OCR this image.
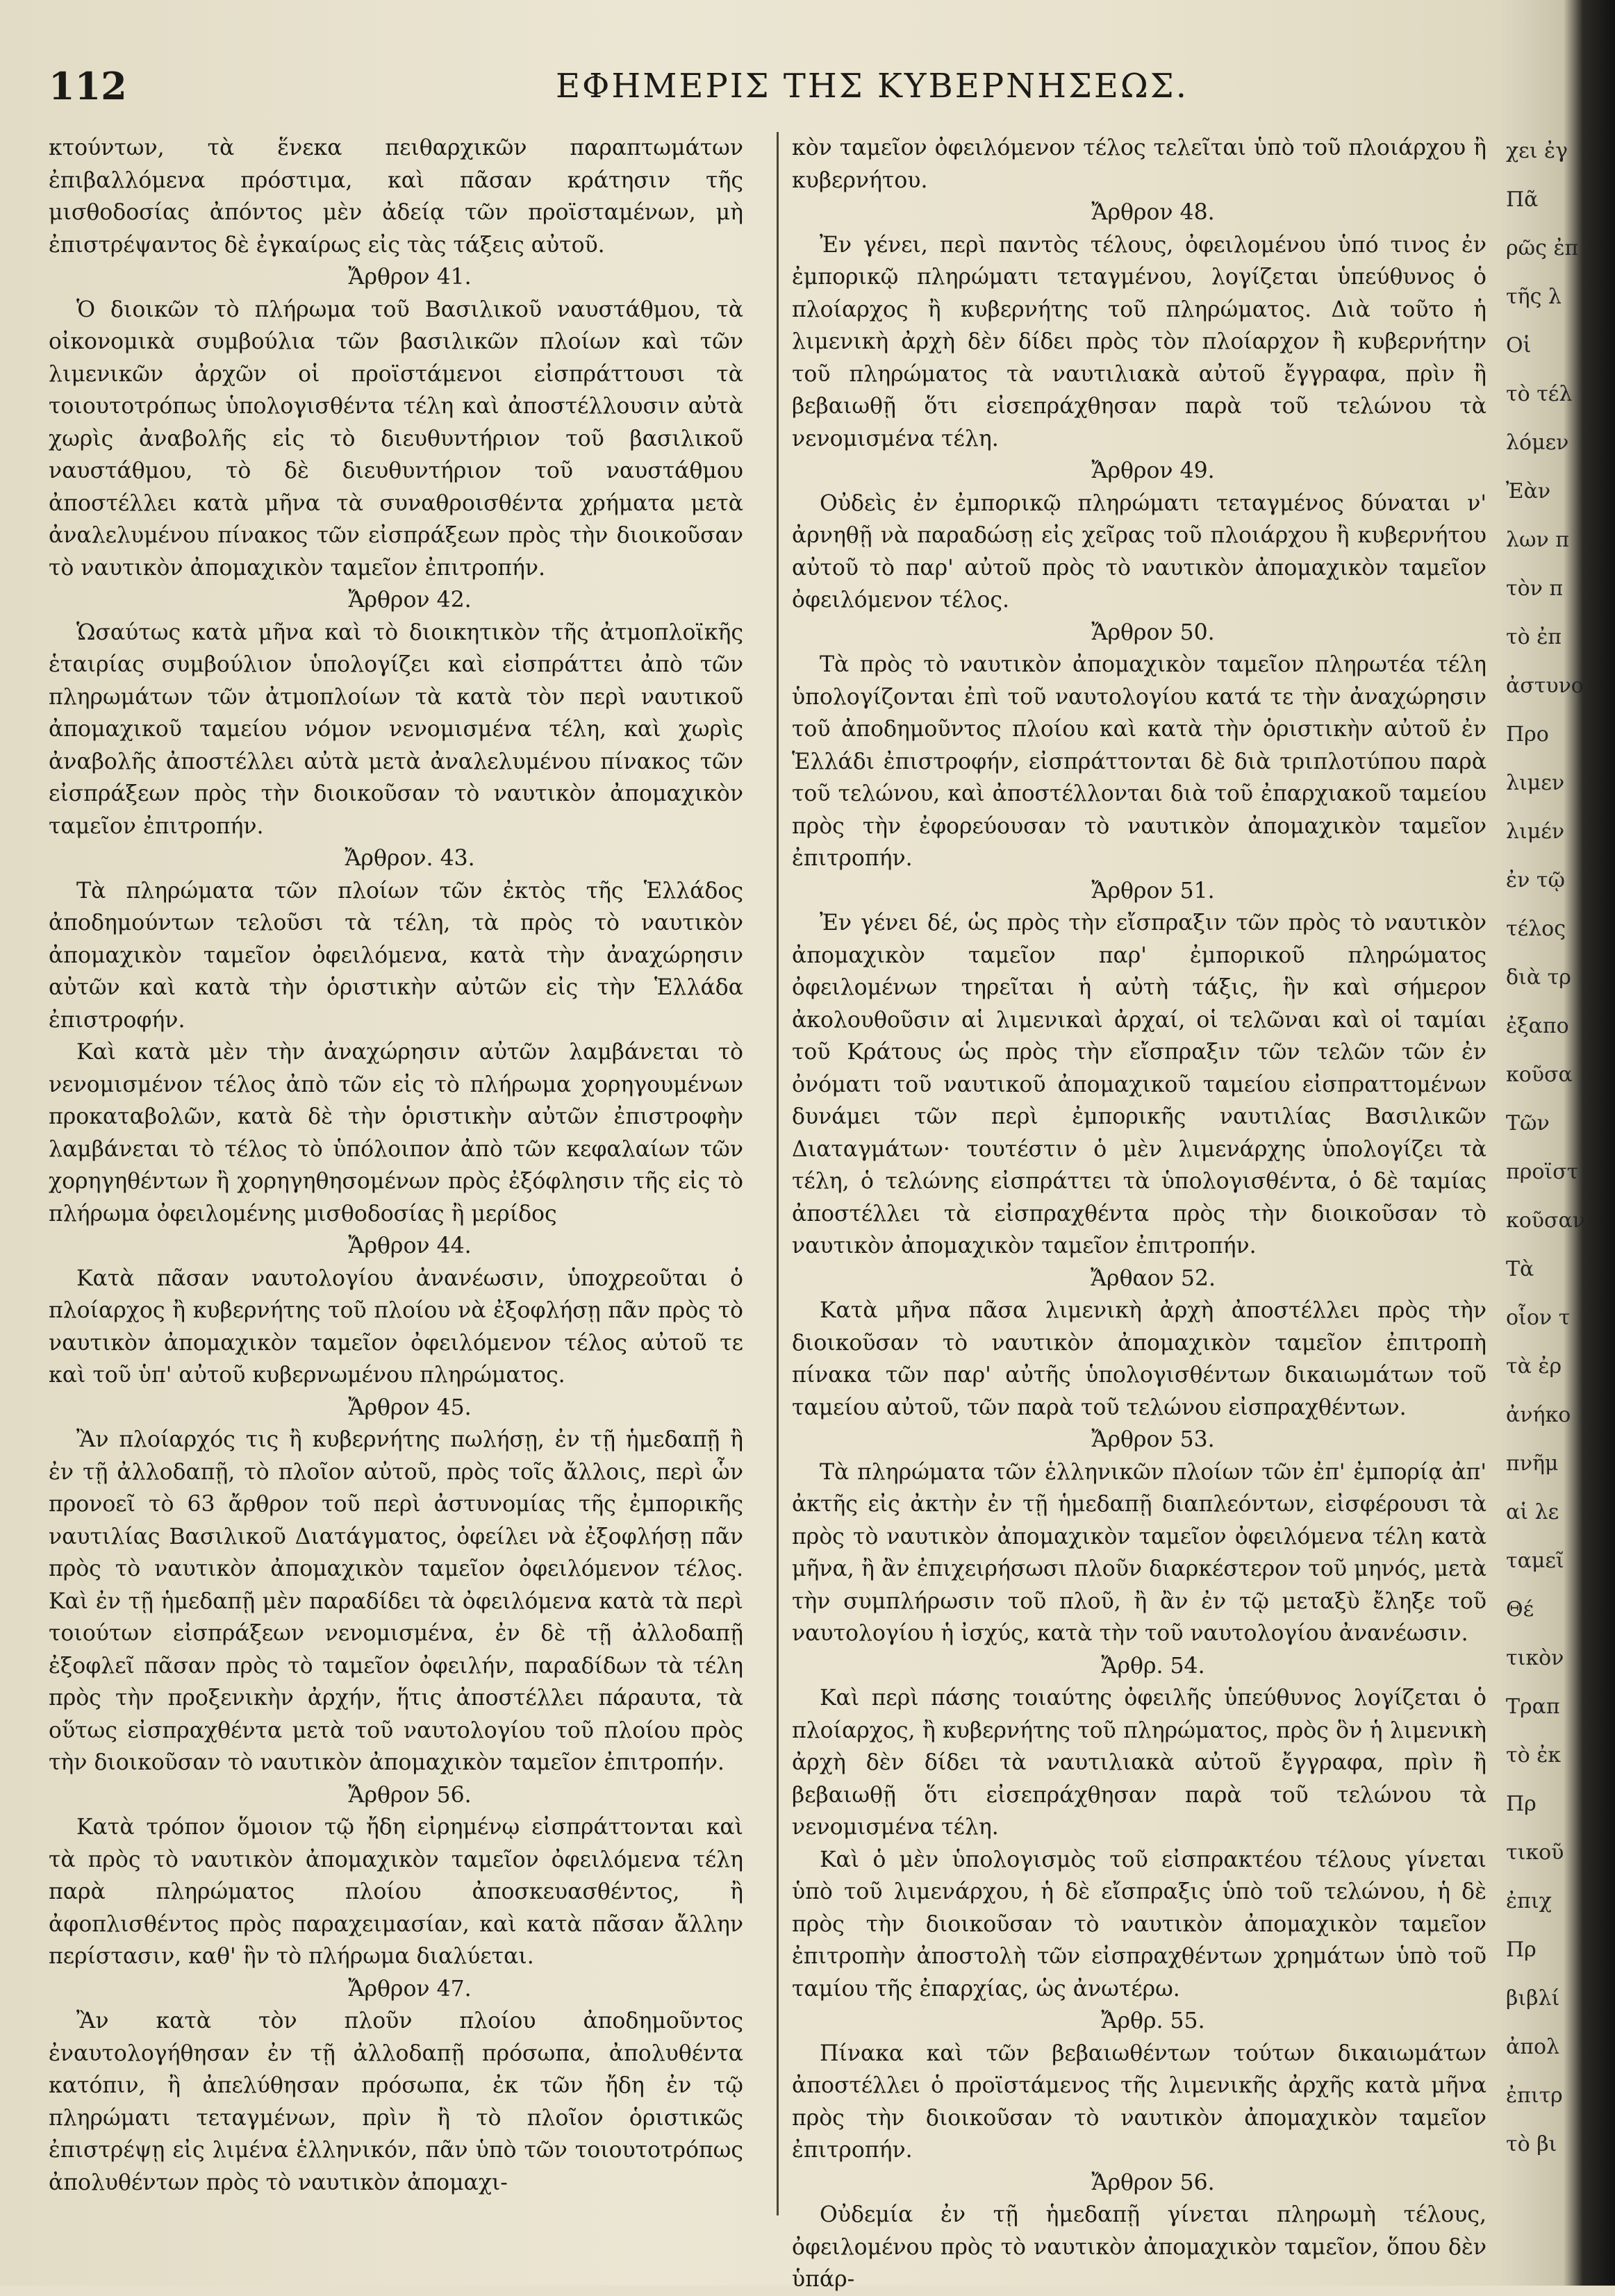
112	ΕΦΗΜΕΡΙΣ ΤΗΣ ΚΥΒΕΡΝΗΣΕΩΣ.

κτούντων, τὰ ἕνεκα πειθαρχικῶν παραπτωμάτων ἐπιβαλλόμενα πρόστιμα, καὶ πᾶσαν κράτησιν τῆς μισθοδοσίας ἀπόντος μὲν ἀδείᾳ τῶν προϊσταμένων, μὴ ἐπιστρέψαντος δὲ ἐγκαίρως εἰς τὰς τάξεις αὐτοῦ.

Ἄρθρον 41.

Ὁ διοικῶν τὸ πλήρωμα τοῦ Βασιλικοῦ ναυστάθμου, τὰ οἰκονομικὰ συμβούλια τῶν βασιλικῶν πλοίων καὶ τῶν λιμενικῶν ἀρχῶν οἱ προϊστάμενοι εἰσπράττουσι τὰ τοιουτοτρόπως ὑπολογισθέντα τέλη καὶ ἀποστέλλουσιν αὐτὰ χωρὶς ἀναβολῆς εἰς τὸ διευθυντήριον τοῦ βασιλικοῦ ναυστάθμου, τὸ δὲ διευθυντήριον τοῦ ναυστάθμου ἀποστέλλει κατὰ μῆνα τὰ συναθροισθέντα χρήματα μετὰ ἀναλελυμένου πίνακος τῶν εἰσπράξεων πρὸς τὴν διοικοῦσαν τὸ ναυτικὸν ἀπομαχικὸν ταμεῖον ἐπιτροπήν.

Ἄρθρον 42.

Ὡσαύτως κατὰ μῆνα καὶ τὸ διοικητικὸν τῆς ἀτμοπλοϊκῆς ἑταιρίας συμβούλιον ὑπολογίζει καὶ εἰσπράττει ἀπὸ τῶν πληρωμάτων τῶν ἀτμοπλοίων τὰ κατὰ τὸν περὶ ναυτικοῦ ἀπομαχικοῦ ταμείου νόμον νενομισμένα τέλη, καὶ χωρὶς ἀναβολῆς ἀποστέλλει αὐτὰ μετὰ ἀναλελυμένου πίνακος τῶν εἰσπράξεων πρὸς τὴν διοικοῦσαν τὸ ναυτικὸν ἀπομαχικὸν ταμεῖον ἐπιτροπήν.

Ἄρθρον. 43.

Τὰ πληρώματα τῶν πλοίων τῶν ἐκτὸς τῆς Ἑλλάδος ἀποδημούντων τελοῦσι τὰ τέλη, τὰ πρὸς τὸ ναυτικὸν ἀπομαχικὸν ταμεῖον ὀφειλόμενα, κατὰ τὴν ἀναχώρησιν αὐτῶν καὶ κατὰ τὴν ὁριστικὴν αὐτῶν εἰς τὴν Ἑλλάδα ἐπιστροφήν.

Καὶ κατὰ μὲν τὴν ἀναχώρησιν αὐτῶν λαμβάνεται τὸ νενομισμένον τέλος ἀπὸ τῶν εἰς τὸ πλήρωμα χορηγουμένων προκαταβολῶν, κατὰ δὲ τὴν ὁριστικὴν αὐτῶν ἐπιστροφὴν λαμβάνεται τὸ τέλος τὸ ὑπόλοιπον ἀπὸ τῶν κεφαλαίων τῶν χορηγηθέντων ἢ χορηγηθησομένων πρὸς ἐξόφλησιν τῆς εἰς τὸ πλήρωμα ὀφειλομένης μισθοδοσίας ἢ μερίδος

Ἄρθρον 44.

Κατὰ πᾶσαν ναυτολογίου ἀνανέωσιν, ὑποχρεοῦται ὁ πλοίαρχος ἢ κυβερνήτης τοῦ πλοίου νὰ ἐξοφλήσῃ πᾶν πρὸς τὸ ναυτικὸν ἀπομαχικὸν ταμεῖον ὀφειλόμενον τέλος αὐτοῦ τε καὶ τοῦ ὑπ' αὐτοῦ κυβερνωμένου πληρώματος.

Ἄρθρον 45.

Ἂν πλοίαρχός τις ἢ κυβερνήτης πωλήσῃ, ἐν τῇ ἡμεδαπῇ ἢ ἐν τῇ ἀλλοδαπῇ, τὸ πλοῖον αὐτοῦ, πρὸς τοῖς ἄλλοις, περὶ ὧν προνοεῖ τὸ 63 ἄρθρον τοῦ περὶ ἀστυνομίας τῆς ἐμπορικῆς ναυτιλίας Βασιλικοῦ Διατάγματος, ὀφείλει νὰ ἐξοφλήσῃ πᾶν πρὸς τὸ ναυτικὸν ἀπομαχικὸν ταμεῖον ὀφειλόμενον τέλος. Καὶ ἐν τῇ ἡμεδαπῇ μὲν παραδίδει τὰ ὀφειλόμενα κατὰ τὰ περὶ τοιούτων εἰσπράξεων νενομισμένα, ἐν δὲ τῇ ἀλλοδαπῇ ἐξοφλεῖ πᾶσαν πρὸς τὸ ταμεῖον ὀφειλήν, παραδίδων τὰ τέλη πρὸς τὴν προξενικὴν ἀρχήν, ἥτις ἀποστέλλει πάραυτα, τὰ οὕτως εἰσπραχθέντα μετὰ τοῦ ναυτολογίου τοῦ πλοίου πρὸς τὴν διοικοῦσαν τὸ ναυτικὸν ἀπομαχικὸν ταμεῖον ἐπιτροπήν.

Ἄρθρον 56.

Κατὰ τρόπον ὅμοιον τῷ ἤδη εἰρημένῳ εἰσπράττονται καὶ τὰ πρὸς τὸ ναυτικὸν ἀπομαχικὸν ταμεῖον ὀφειλόμενα τέλη παρὰ πληρώματος πλοίου ἀποσκευασθέντος, ἢ ἀφοπλισθέντος πρὸς παραχειμασίαν, καὶ κατὰ πᾶσαν ἄλλην περίστασιν, καθ' ἣν τὸ πλήρωμα διαλύεται.

Ἄρθρον 47.

Ἂν κατὰ τὸν πλοῦν πλοίου ἀποδημοῦντος ἐναυτολογήθησαν ἐν τῇ ἀλλοδαπῇ πρόσωπα, ἀπολυθέντα κατόπιν, ἢ ἀπελύθησαν πρόσωπα, ἐκ τῶν ἤδη ἐν τῷ πληρώματι τεταγμένων, πρὶν ἢ τὸ πλοῖον ὁριστικῶς ἐπιστρέψῃ εἰς λιμένα ἑλληνικόν, πᾶν ὑπὸ τῶν τοιουτοτρόπως ἀπολυθέντων πρὸς τὸ ναυτικὸν ἀπομαχι-

κὸν ταμεῖον ὀφειλόμενον τέλος τελεῖται ὑπὸ τοῦ πλοιάρχου ἢ κυβερνήτου.

Ἄρθρον 48.

Ἐν γένει, περὶ παντὸς τέλους, ὀφειλομένου ὑπό τινος ἐν ἐμπορικῷ πληρώματι τεταγμένου, λογίζεται ὑπεύθυνος ὁ πλοίαρχος ἢ κυβερνήτης τοῦ πληρώματος. Διὰ τοῦτο ἡ λιμενικὴ ἀρχὴ δὲν δίδει πρὸς τὸν πλοίαρχον ἢ κυβερνήτην τοῦ πληρώματος τὰ ναυτιλιακὰ αὐτοῦ ἔγγραφα, πρὶν ἢ βεβαιωθῇ ὅτι εἰσεπράχθησαν παρὰ τοῦ τελώνου τὰ νενομισμένα τέλη.

Ἄρθρον 49.

Οὐδεὶς ἐν ἐμπορικῷ πληρώματι τεταγμένος δύναται ν' ἀρνηθῇ νὰ παραδώσῃ εἰς χεῖρας τοῦ πλοιάρχου ἢ κυβερνήτου αὐτοῦ τὸ παρ' αὐτοῦ πρὸς τὸ ναυτικὸν ἀπομαχικὸν ταμεῖον ὀφειλόμενον τέλος.

Ἄρθρον 50.

Τὰ πρὸς τὸ ναυτικὸν ἀπομαχικὸν ταμεῖον πληρωτέα τέλη ὑπολογίζονται ἐπὶ τοῦ ναυτολογίου κατά τε τὴν ἀναχώρησιν τοῦ ἀποδημοῦντος πλοίου καὶ κατὰ τὴν ὁριστικὴν αὐτοῦ ἐν Ἑλλάδι ἐπιστροφήν, εἰσπράττονται δὲ διὰ τριπλοτύπου παρὰ τοῦ τελώνου, καὶ ἀποστέλλονται διὰ τοῦ ἐπαρχιακοῦ ταμείου πρὸς τὴν ἐφορεύουσαν τὸ ναυτικὸν ἀπομαχικὸν ταμεῖον ἐπιτροπήν.

Ἄρθρον 51.

Ἐν γένει δέ, ὡς πρὸς τὴν εἴσπραξιν τῶν πρὸς τὸ ναυτικὸν ἀπομαχικὸν ταμεῖον παρ' ἐμπορικοῦ πληρώματος ὀφειλομένων τηρεῖται ἡ αὐτὴ τάξις, ἣν καὶ σήμερον ἀκολουθοῦσιν αἱ λιμενικαὶ ἀρχαί, οἱ τελῶναι καὶ οἱ ταμίαι τοῦ Κράτους ὡς πρὸς τὴν εἴσπραξιν τῶν τελῶν τῶν ἐν ὀνόματι τοῦ ναυτικοῦ ἀπομαχικοῦ ταμείου εἰσπραττομένων δυνάμει τῶν περὶ ἐμπορικῆς ναυτιλίας Βασιλικῶν Διαταγμάτων· τουτέστιν ὁ μὲν λιμενάρχης ὑπολογίζει τὰ τέλη, ὁ τελώνης εἰσπράττει τὰ ὑπολογισθέντα, ὁ δὲ ταμίας ἀποστέλλει τὰ εἰσπραχθέντα πρὸς τὴν διοικοῦσαν τὸ ναυτικὸν ἀπομαχικὸν ταμεῖον ἐπιτροπήν.

Ἄρθαον 52.

Κατὰ μῆνα πᾶσα λιμενικὴ ἀρχὴ ἀποστέλλει πρὸς τὴν διοικοῦσαν τὸ ναυτικὸν ἀπομαχικὸν ταμεῖον ἐπιτροπὴ πίνακα τῶν παρ' αὐτῆς ὑπολογισθέντων δικαιωμάτων τοῦ ταμείου αὐτοῦ, τῶν παρὰ τοῦ τελώνου εἰσπραχθέντων.

Ἄρθρον 53.

Τὰ πληρώματα τῶν ἑλληνικῶν πλοίων τῶν ἐπ' ἐμπορίᾳ ἀπ' ἀκτῆς εἰς ἀκτὴν ἐν τῇ ἡμεδαπῇ διαπλεόντων, εἰσφέρουσι τὰ πρὸς τὸ ναυτικὸν ἀπομαχικὸν ταμεῖον ὀφειλόμενα τέλη κατὰ μῆνα, ἢ ἂν ἐπιχειρήσωσι πλοῦν διαρκέστερον τοῦ μηνός, μετὰ τὴν συμπλήρωσιν τοῦ πλοῦ, ἢ ἂν ἐν τῷ μεταξὺ ἔληξε τοῦ ναυτολογίου ἡ ἰσχύς, κατὰ τὴν τοῦ ναυτολογίου ἀνανέωσιν.

Ἄρθρ. 54.

Καὶ περὶ πάσης τοιαύτης ὀφειλῆς ὑπεύθυνος λογίζεται ὁ πλοίαρχος, ἢ κυβερνήτης τοῦ πληρώματος, πρὸς ὃν ἡ λιμενικὴ ἀρχὴ δὲν δίδει τὰ ναυτιλιακὰ αὐτοῦ ἔγγραφα, πρὶν ἢ βεβαιωθῇ ὅτι εἰσεπράχθησαν παρὰ τοῦ τελώνου τὰ νενομισμένα τέλη.

Καὶ ὁ μὲν ὑπολογισμὸς τοῦ εἰσπρακτέου τέλους γίνεται ὑπὸ τοῦ λιμενάρχου, ἡ δὲ εἴσπραξις ὑπὸ τοῦ τελώνου, ἡ δὲ πρὸς τὴν διοικοῦσαν τὸ ναυτικὸν ἀπομαχικὸν ταμεῖον ἐπιτροπὴν ἀποστολὴ τῶν εἰσπραχθέντων χρημάτων ὑπὸ τοῦ ταμίου τῆς ἐπαρχίας, ὡς ἀνωτέρω.

Ἄρθρ. 55.

Πίνακα καὶ τῶν βεβαιωθέντων τούτων δικαιωμάτων ἀποστέλλει ὁ προϊστάμενος τῆς λιμενικῆς ἀρχῆς κατὰ μῆνα πρὸς τὴν διοικοῦσαν τὸ ναυτικὸν ἀπομαχικὸν ταμεῖον ἐπιτροπήν.

Ἄρθρον 56.

Οὐδεμία ἐν τῇ ἡμεδαπῇ γίνεται πληρωμὴ τέλους, ὀφειλομένου πρὸς τὸ ναυτικὸν ἀπομαχικὸν ταμεῖον, ὅπου δὲν ὑπάρ-

χει ἐγ
Πᾶ
ρῶς ἐπ
τῆς λ
Οἱ
τὸ τέλ
λόμεν
Ἐὰν
λων π
τὸν π
τὸ ἐπ
ἀστυνο
Προ
λιμεν
λιμέν
ἐν τῷ
τέλος
διὰ τρ
ἐξαπο
κοῦσα
Τῶν
προϊστ
κοῦσαν
Τὰ
οἷον τ
τὰ ἐρ
ἀνήκο
πνῆμ
αἱ λε
ταμεῖ
Θέ
τικὸν
Τραπ
τὸ ἐκ
Πρ
τικοῦ
ἐπιχ
Πρ
βιβλί
ἀπολ
ἐπιτρ
τὸ βι
